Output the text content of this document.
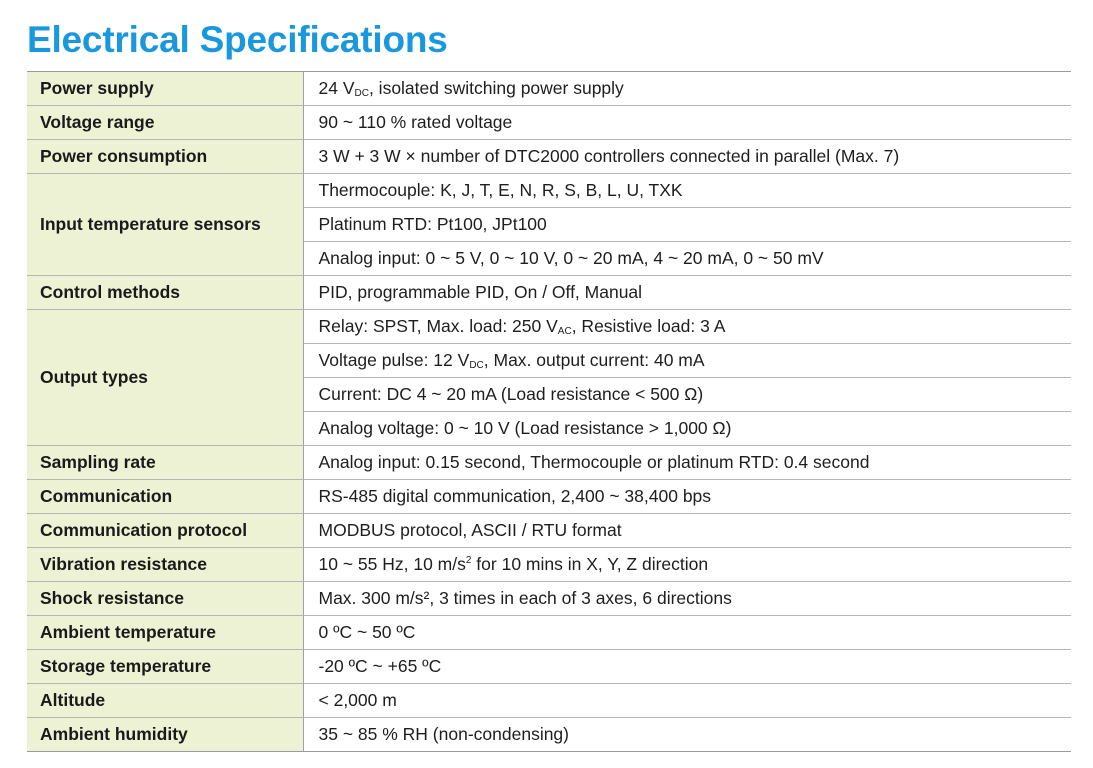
Electrical Specifications
Power supply	24 $V_{DC}$, isolated switching power supply
Voltage range	90 ~ 110 % rated voltage
Power consumption	3 W + 3 W × number of DTC2000 controllers connected in parallel (Max. 7)
Input temperature sensors	Thermocouple: K, J, T, E, N, R, S, B, L, U, TXK
	Platinum RTD: Pt100, JPt100
	Analog input: 0 ~ 5 V, 0 ~ 10 V, 0 ~ 20 mA, 4 ~ 20 mA, 0 ~ 50 mV
Control methods	PID, programmable PID, On / Off, Manual
Output types	Relay: SPST, Max. load: 250 $V_{AC}$, Resistive load: 3 A
	Voltage pulse: 12 $V_{DC}$, Max. output current: 40 mA
	Current: DC 4 ~ 20 mA (Load resistance < 500 Ω)
	Analog voltage: 0 ~ 10 V (Load resistance > 1,000 Ω)
Sampling rate	Analog input: 0.15 second, Thermocouple or platinum RTD: 0.4 second
Communication	RS-485 digital communication, 2,400 ~ 38,400 bps
Communication protocol	MODBUS protocol, ASCII / RTU format
Vibration resistance	10 ~ 55 Hz, 10 $m/s^2$ for 10 mins in X, Y, Z direction
Shock resistance	Max. 300 m/s², 3 times in each of 3 axes, 6 directions
Ambient temperature	0 ºC ~ 50 ºC
Storage temperature	-20 ºC ~ +65 ºC
Altitude	< 2,000 m
Ambient humidity	35 ~ 85 % RH (non-condensing)
